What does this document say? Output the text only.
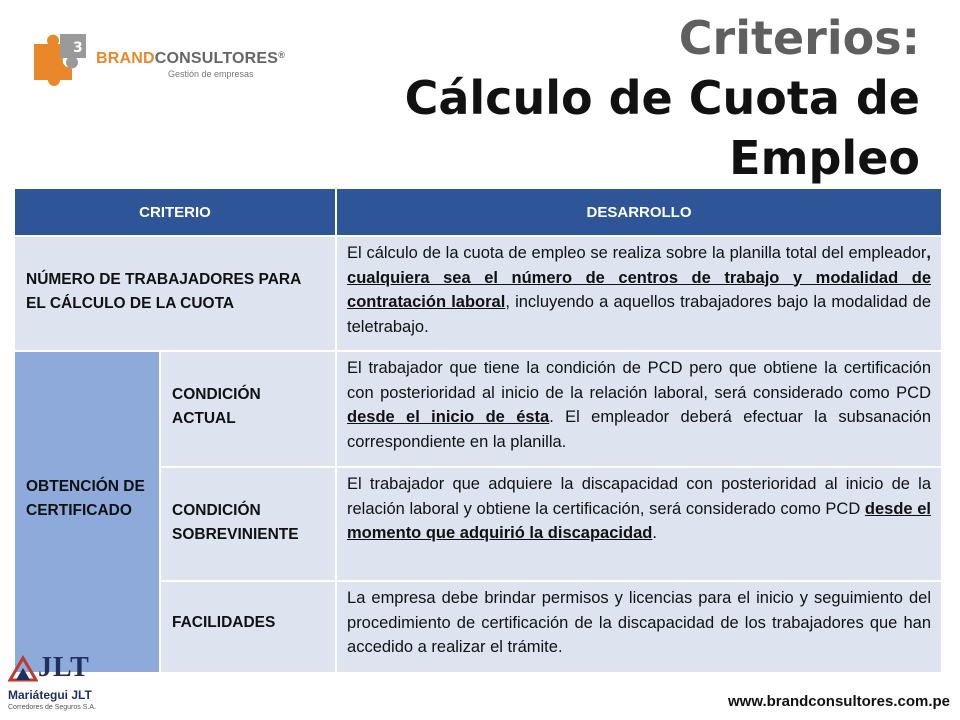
3
BRANDCONSULTORES®
Gestión de empresas
Criterios:
Cálculo de Cuota de
Empleo
CRITERIO		DESARROLLO

NÚMERO DE TRABAJADORES PARA EL CÁLCULO DE LA CUOTA		El cálculo de la cuota de empleo se realiza sobre la planilla total del empleador, cualquiera sea el número de centros de trabajo y modalidad de contratación laboral, incluyendo a aquellos trabajadores bajo la modalidad de teletrabajo.

OBTENCIÓN DE CERTIFICADO	CONDICIÓN ACTUAL	El trabajador que tiene la condición de PCD pero que obtiene la certificación con posterioridad al inicio de la relación laboral, será considerado como PCD desde el inicio de ésta. El empleador deberá efectuar la subsanación correspondiente en la planilla.

	CONDICIÓN SOBREVINIENTE	El trabajador que adquiere la discapacidad con posterioridad al inicio de la relación laboral y obtiene la certificación, será considerado como PCD desde el momento que adquirió la discapacidad.

	FACILIDADES	La empresa debe brindar permisos y licencias para el inicio y seguimiento del procedimiento de certificación de la discapacidad de los trabajadores que han accedido a realizar el trámite.
JLT
Mariátegui JLT
Corredores de Seguros S.A.	www.brandconsultores.com.pe
